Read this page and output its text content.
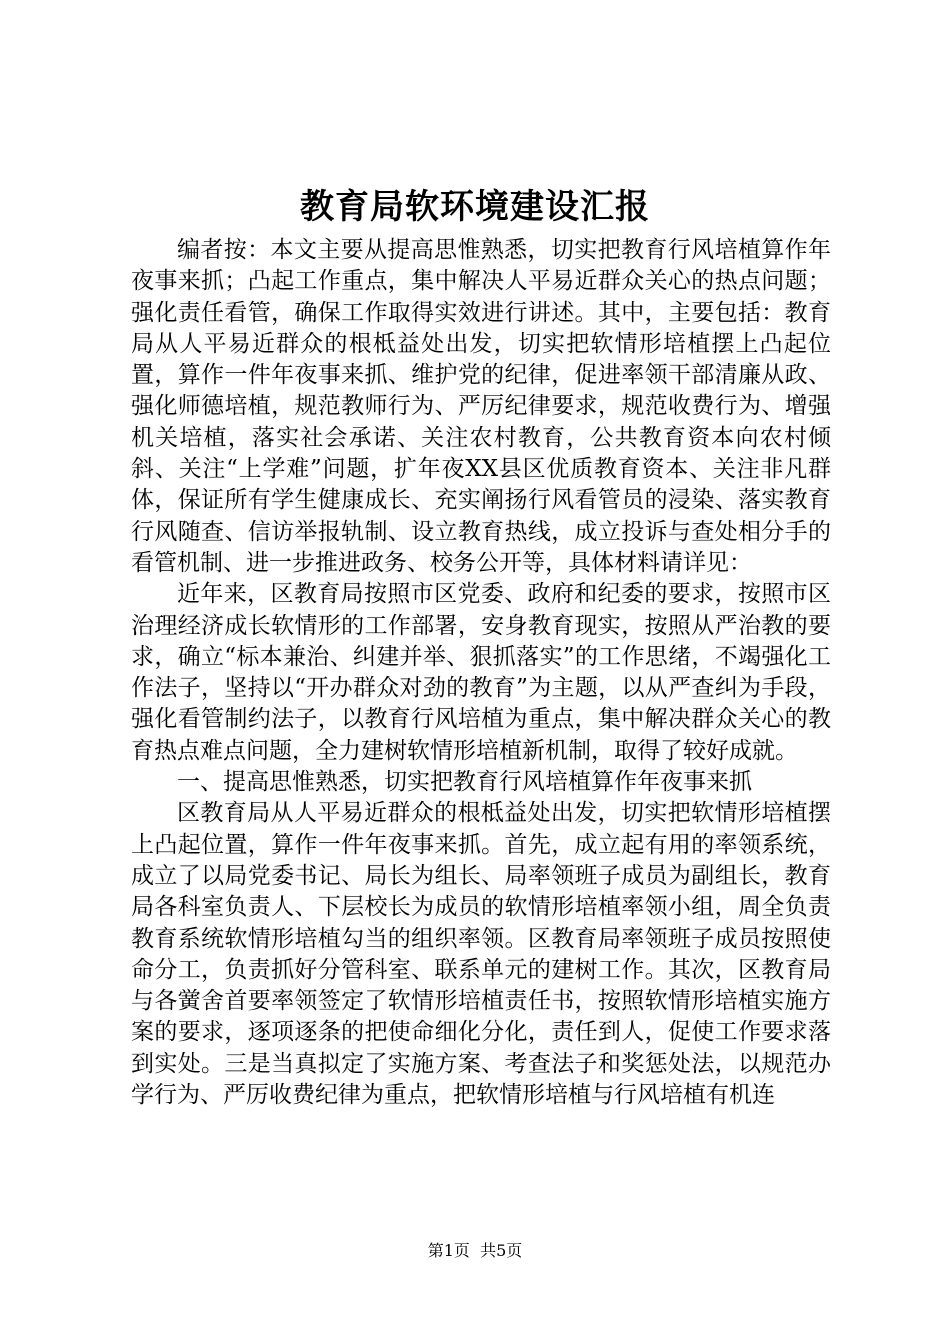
教育局软环境建设汇报

编者按：本文主要从提高思惟熟悉，切实把教育行风培植算作年夜事来抓；凸起工作重点，集中解决人平易近群众关心的热点问题；强化责任看管，确保工作取得实效进行讲述。其中，主要包括：教育局从人平易近群众的根柢益处出发，切实把软情形培植摆上凸起位置，算作一件年夜事来抓、维护党的纪律，促进率领干部清廉从政、强化师德培植，规范教师行为、严厉纪律要求，规范收费行为、增强机关培植，落实社会承诺、关注农村教育，公共教育资本向农村倾斜、关注“上学难”问题，扩年夜XX县区优质教育资本、关注非凡群体，保证所有学生健康成长、充实阐扬行风看管员的浸染、落实教育行风随查、信访举报轨制、设立教育热线，成立投诉与查处相分手的看管机制、进一步推进政务、校务公开等，具体材料请详见：

近年来，区教育局按照市区党委、政府和纪委的要求，按照市区治理经济成长软情形的工作部署，安身教育现实，按照从严治教的要求，确立“标本兼治、纠建并举、狠抓落实”的工作思绪，不竭强化工作法子，坚持以“开办群众对劲的教育”为主题，以从严查纠为手段，强化看管制约法子，以教育行风培植为重点，集中解决群众关心的教育热点难点问题，全力建树软情形培植新机制，取得了较好成就。

一、提高思惟熟悉，切实把教育行风培植算作年夜事来抓

区教育局从人平易近群众的根柢益处出发，切实把软情形培植摆上凸起位置，算作一件年夜事来抓。首先，成立起有用的率领系统，成立了以局党委书记、局长为组长、局率领班子成员为副组长，教育局各科室负责人、下层校长为成员的软情形培植率领小组，周全负责教育系统软情形培植勾当的组织率领。区教育局率领班子成员按照使命分工，负责抓好分管科室、联系单元的建树工作。其次，区教育局与各黉舍首要率领签定了软情形培植责任书，按照软情形培植实施方案的要求，逐项逐条的把使命细化分化，责任到人，促使工作要求落到实处。三是当真拟定了实施方案、考查法子和奖惩处法，以规范办学行为、严厉收费纪律为重点，把软情形培植与行风培植有机连

第1页 共5页
